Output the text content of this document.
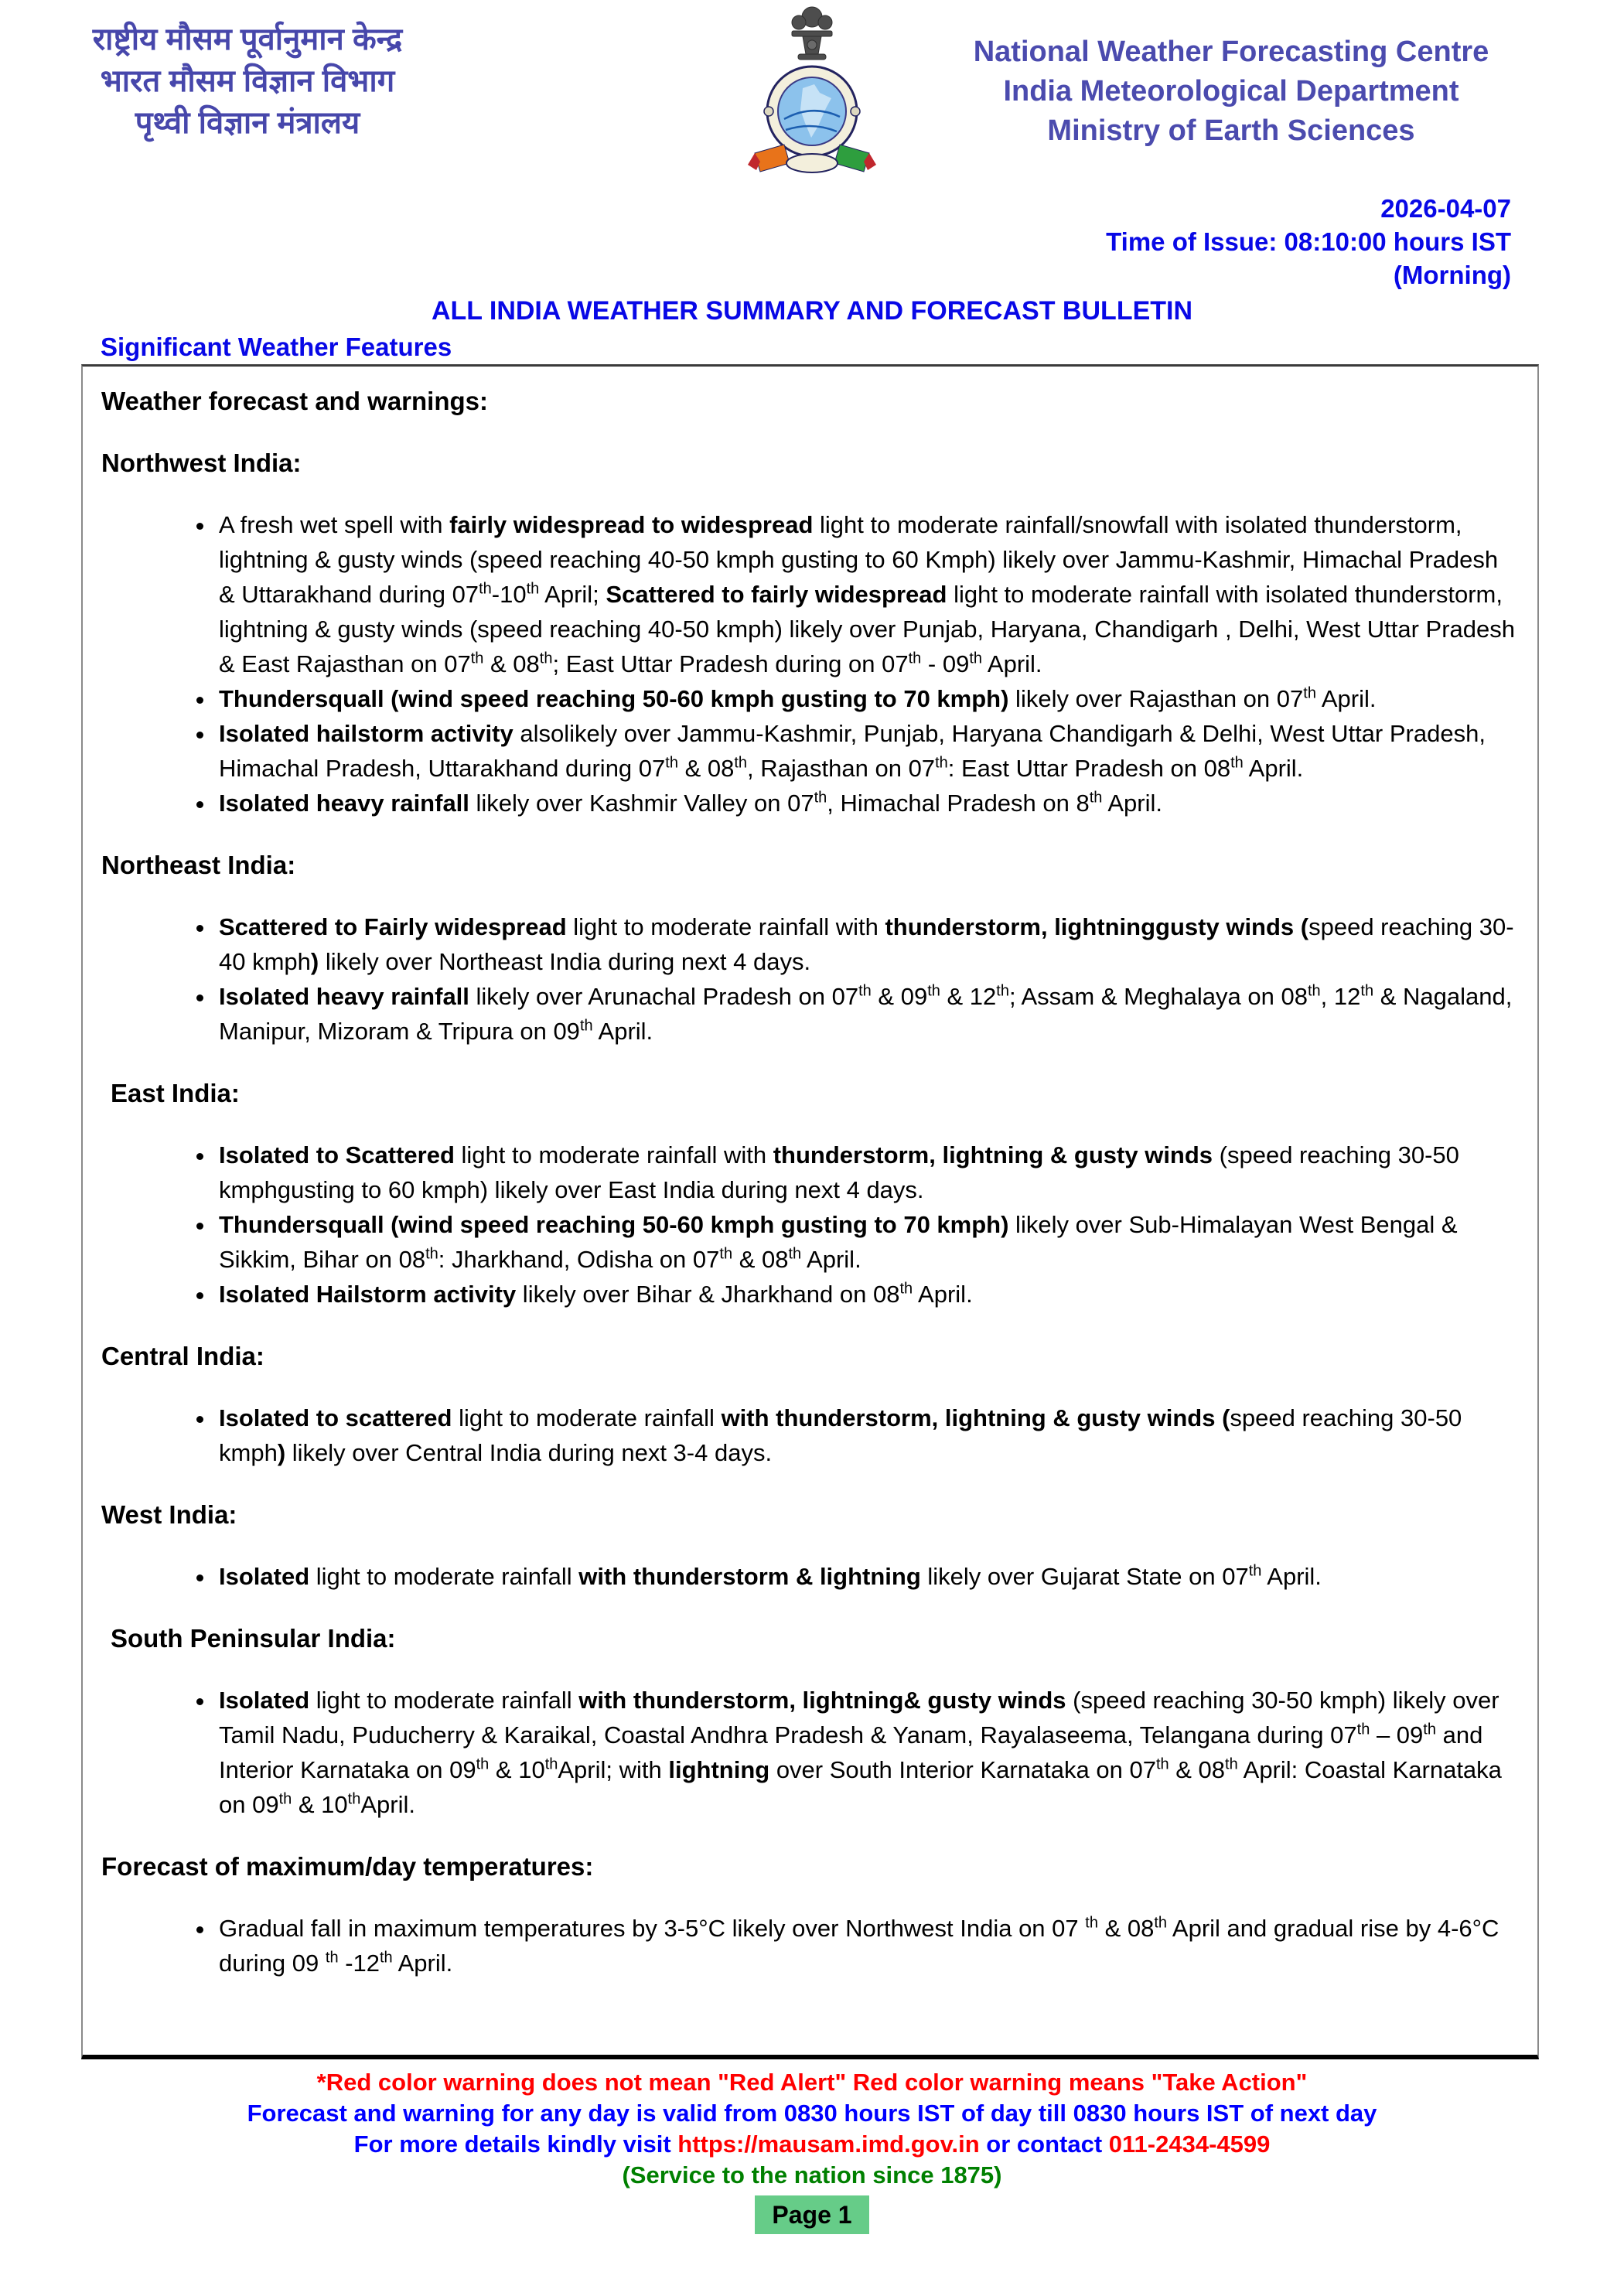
राष्ट्रीय मौसम पूर्वानुमान केन्द्र
भारत मौसम विज्ञान विभाग
पृथ्वी विज्ञान मंत्रालय
National Weather Forecasting Centre
India Meteorological Department
Ministry of Earth Sciences
2026-04-07
Time of Issue: 08:10:00 hours IST
(Morning)
ALL INDIA WEATHER SUMMARY AND FORECAST BULLETIN
Significant Weather Features
Weather forecast and warnings:
Northwest India:
• A fresh wet spell with fairly widespread to widespread light to moderate rainfall/snowfall with isolated thunderstorm, lightning & gusty winds (speed reaching 40-50 kmph gusting to 60 Kmph) likely over Jammu-Kashmir, Himachal Pradesh & Uttarakhand during 07th-10th April; Scattered to fairly widespread light to moderate rainfall with isolated thunderstorm, lightning & gusty winds (speed reaching 40-50 kmph) likely over Punjab, Haryana, Chandigarh , Delhi, West Uttar Pradesh & East Rajasthan on 07th & 08th; East Uttar Pradesh during on 07th - 09th April.
• Thundersquall (wind speed reaching 50-60 kmph gusting to 70 kmph) likely over Rajasthan on 07th April.
• Isolated hailstorm activity alsolikely over Jammu-Kashmir, Punjab, Haryana Chandigarh & Delhi, West Uttar Pradesh, Himachal Pradesh, Uttarakhand during 07th & 08th, Rajasthan on 07th: East Uttar Pradesh on 08th April.
• Isolated heavy rainfall likely over Kashmir Valley on 07th, Himachal Pradesh on 8th April.
Northeast India:
• Scattered to Fairly widespread light to moderate rainfall with thunderstorm, lightninggusty winds (speed reaching 30-40 kmph) likely over Northeast India during next 4 days.
• Isolated heavy rainfall likely over Arunachal Pradesh on 07th & 09th & 12th; Assam & Meghalaya on 08th, 12th & Nagaland, Manipur, Mizoram & Tripura on 09th April.
East India:
• Isolated to Scattered light to moderate rainfall with thunderstorm, lightning & gusty winds (speed reaching 30-50 kmphgusting to 60 kmph) likely over East India during next 4 days.
• Thundersquall (wind speed reaching 50-60 kmph gusting to 70 kmph) likely over Sub-Himalayan West Bengal & Sikkim, Bihar on 08th: Jharkhand, Odisha on 07th & 08th April.
• Isolated Hailstorm activity likely over Bihar & Jharkhand on 08th April.
Central India:
• Isolated to scattered light to moderate rainfall with thunderstorm, lightning & gusty winds (speed reaching 30-50 kmph) likely over Central India during next 3-4 days.
West India:
• Isolated light to moderate rainfall with thunderstorm & lightning likely over Gujarat State on 07th April.
South Peninsular India:
• Isolated light to moderate rainfall with thunderstorm, lightning& gusty winds (speed reaching 30-50 kmph) likely over Tamil Nadu, Puducherry & Karaikal, Coastal Andhra Pradesh & Yanam, Rayalaseema, Telangana during 07th – 09th and Interior Karnataka on 09th & 10thApril; with lightning over South Interior Karnataka on 07th & 08th April: Coastal Karnataka on 09th & 10thApril.
Forecast of maximum/day temperatures:
• Gradual fall in maximum temperatures by 3-5°C likely over Northwest India on 07 $^{th}$ & 08th April and gradual rise by 4-6°C during 09 $^{th}$ -12th April.
*Red color warning does not mean "Red Alert" Red color warning means "Take Action"
Forecast and warning for any day is valid from 0830 hours IST of day till 0830 hours IST of next day
For more details kindly visit https://mausam.imd.gov.in or contact 011-2434-4599
(Service to the nation since 1875)
Page 1
